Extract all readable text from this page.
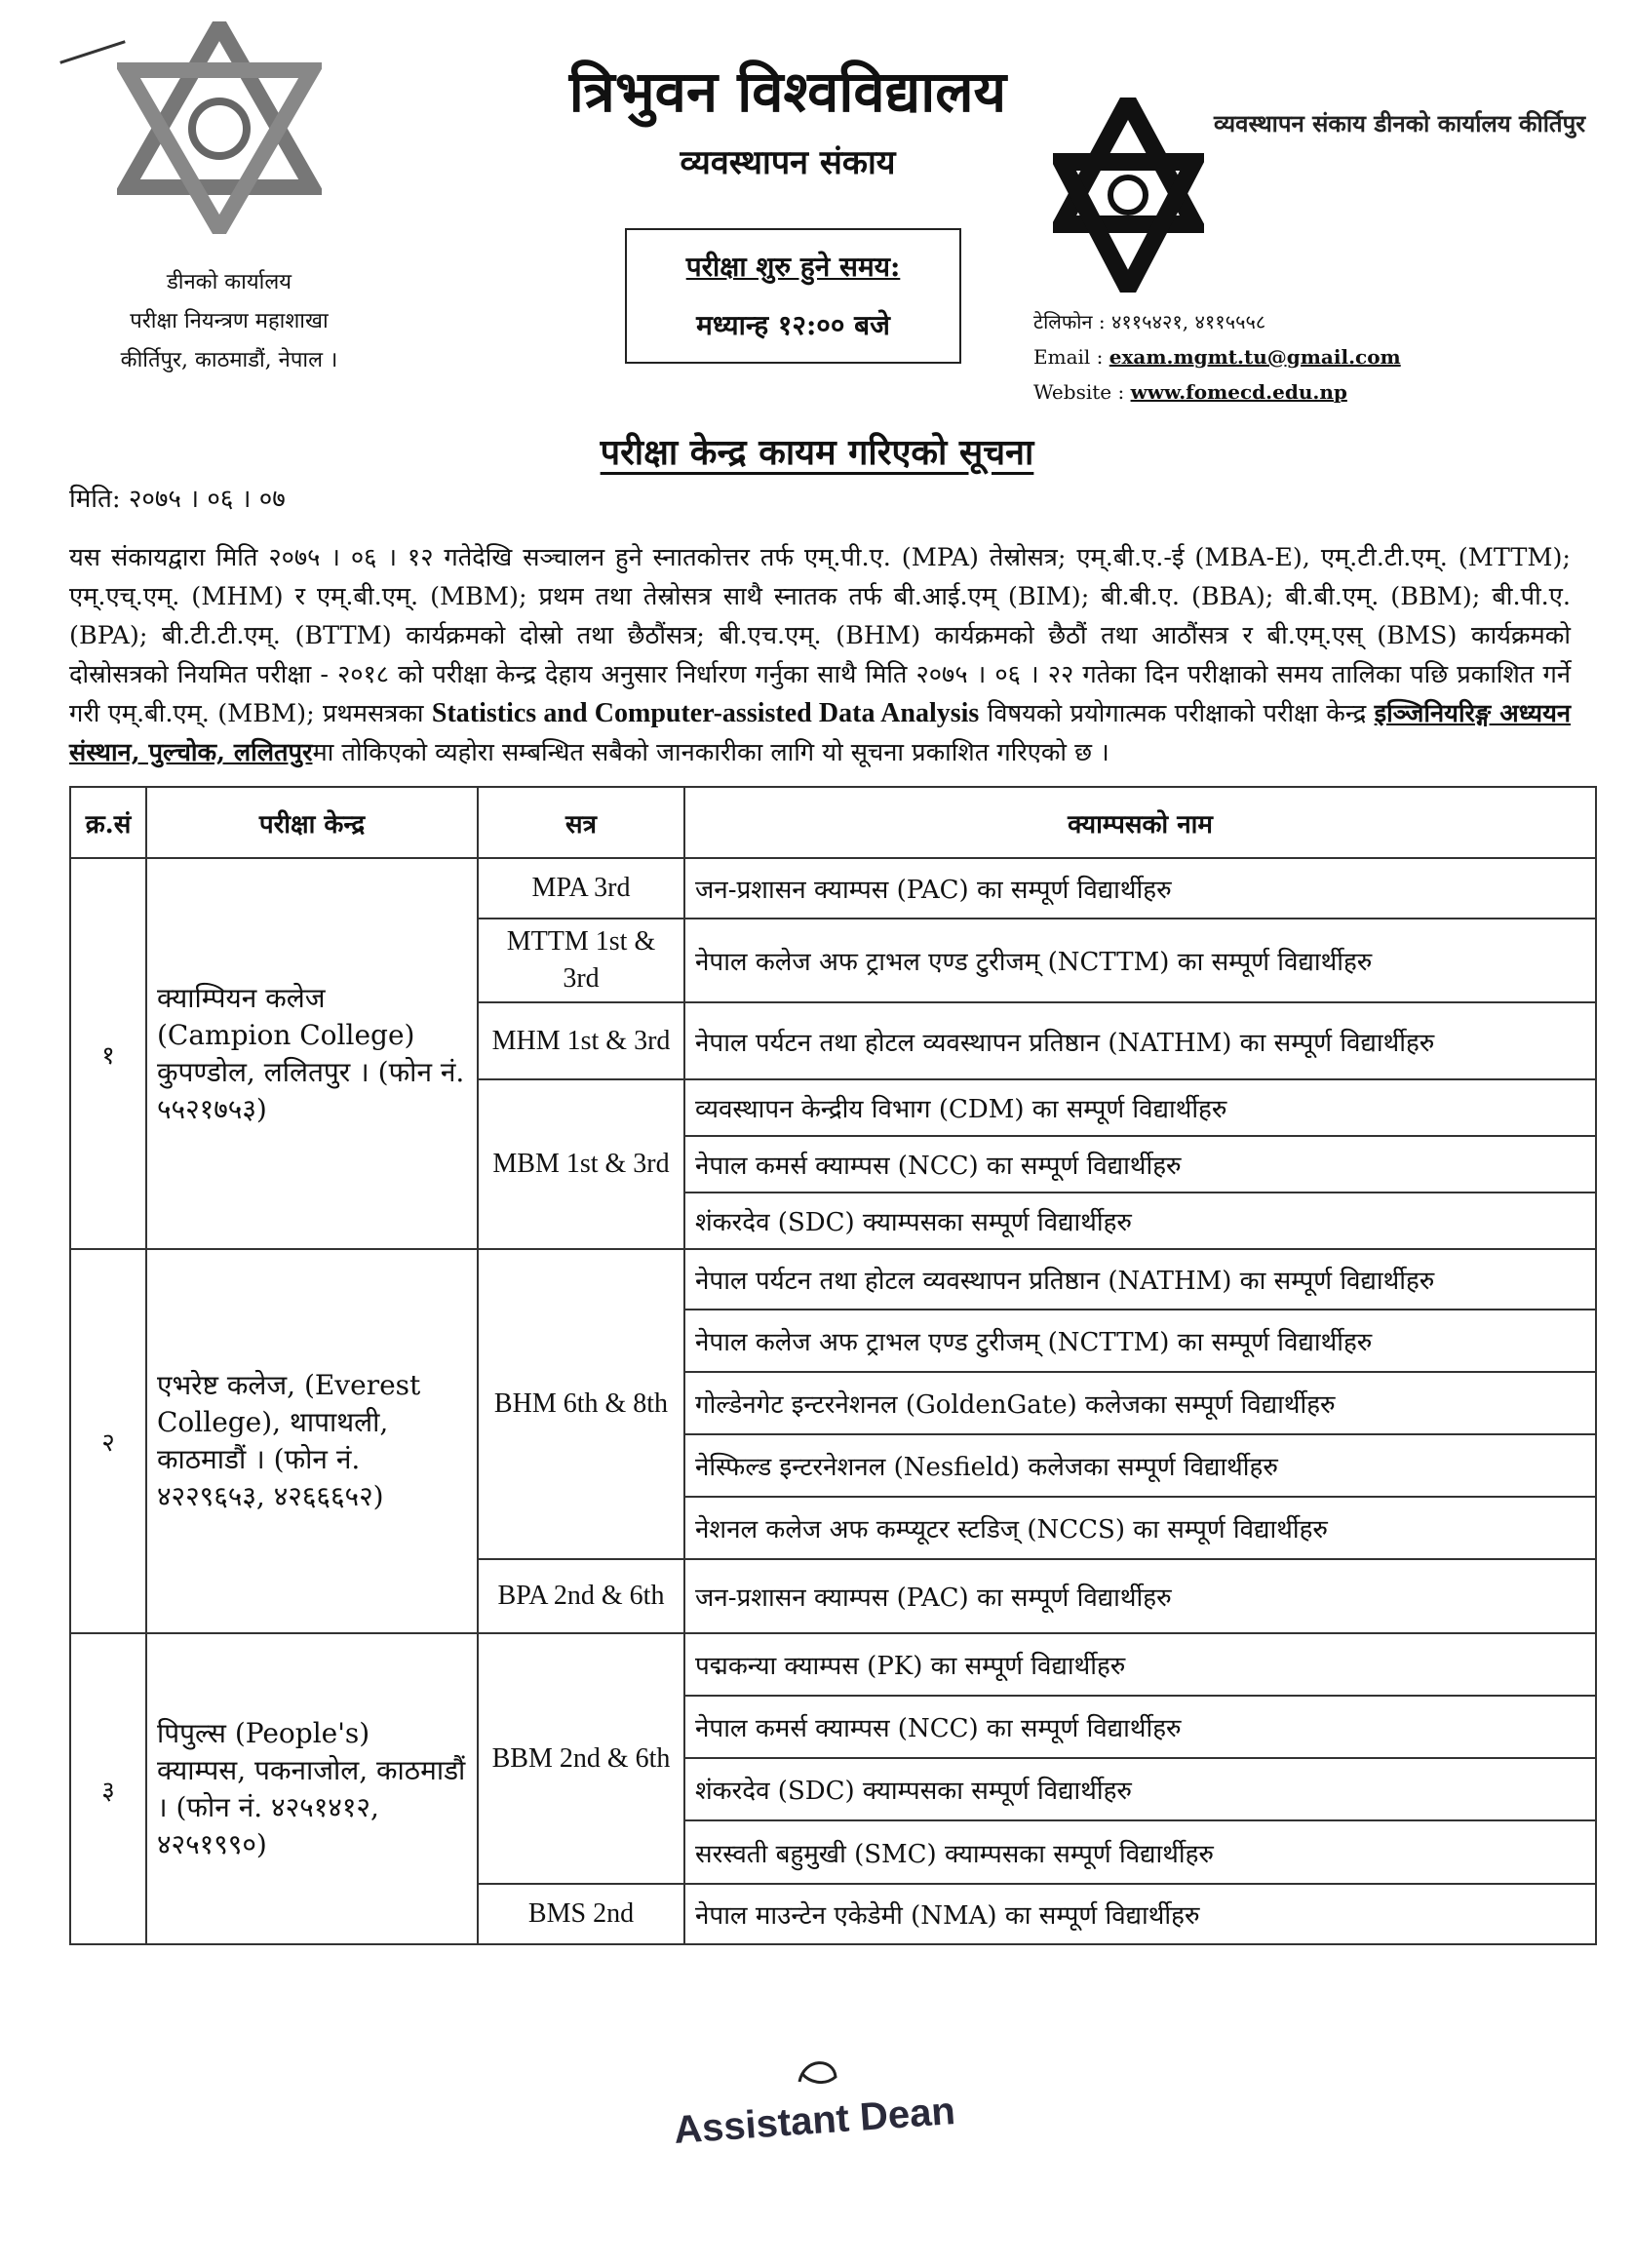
त्रिभुवन विश्वविद्यालय
व्यवस्थापन संकाय
परीक्षा शुरु हुने समय:
मध्यान्ह १२:०० बजे
डीनको कार्यालय
परीक्षा नियन्त्रण महाशाखा
कीर्तिपुर, काठमाडौं, नेपाल ।
व्यवस्थापन संकाय डीनको कार्यालय कीर्तिपुर
टेलिफोन : ४११५४२१, ४११५५५८
Email : exam.mgmt.tu@gmail.com
Website : www.fomecd.edu.np
परीक्षा केन्द्र कायम गरिएको सूचना
मिति: २०७५ । ०६ । ०७
यस संकायद्वारा मिति २०७५ । ०६ । १२ गतेदेखि सञ्चालन हुने स्नातकोत्तर तर्फ एम्.पी.ए. (MPA) तेस्रोसत्र; एम्.बी.ए.-ई (MBA-E), एम्.टी.टी.एम्. (MTTM); एम्.एच्.एम्. (MHM) र एम्.बी.एम्. (MBM); प्रथम तथा तेस्रोसत्र साथै स्नातक तर्फ बी.आई.एम् (BIM); बी.बी.ए. (BBA); बी.बी.एम्. (BBM); बी.पी.ए. (BPA); बी.टी.टी.एम्. (BTTM) कार्यक्रमको दोस्रो तथा छैठौंसत्र; बी.एच.एम्. (BHM) कार्यक्रमको छैठौं तथा आठौंसत्र र बी.एम्.एस् (BMS) कार्यक्रमको दोस्रोसत्रको नियमित परीक्षा - २०१८ को परीक्षा केन्द्र देहाय अनुसार निर्धारण गर्नुका साथै मिति २०७५ । ०६ । २२ गतेका दिन परीक्षाको समय तालिका पछि प्रकाशित गर्ने गरी एम्.बी.एम्. (MBM); प्रथमसत्रका Statistics and Computer-assisted Data Analysis विषयको प्रयोगात्मक परीक्षाको परीक्षा केन्द्र इञ्जिनियरिङ्ग अध्ययन संस्थान, पुल्चोक, ललितपुरमा तोकिएको व्यहोरा सम्बन्धित सबैको जानकारीका लागि यो सूचना प्रकाशित गरिएको छ ।
क्र.सं	परीक्षा केन्द्र	सत्र	क्याम्पसको नाम
१	क्याम्पियन कलेज (Campion College) कुपण्डोल, ललितपुर । (फोन नं. ५५२१७५३)	MPA 3rd	जन-प्रशासन क्याम्पस (PAC) का सम्पूर्ण विद्यार्थीहरु
		MTTM 1st & 3rd	नेपाल कलेज अफ ट्राभल एण्ड टुरीजम् (NCTTM) का सम्पूर्ण विद्यार्थीहरु
		MHM 1st & 3rd	नेपाल पर्यटन तथा होटल व्यवस्थापन प्रतिष्ठान (NATHM) का सम्पूर्ण विद्यार्थीहरु
		MBM 1st & 3rd	व्यवस्थापन केन्द्रीय विभाग (CDM) का सम्पूर्ण विद्यार्थीहरु
			नेपाल कमर्स क्याम्पस (NCC) का सम्पूर्ण विद्यार्थीहरु
			शंकरदेव (SDC) क्याम्पसका सम्पूर्ण विद्यार्थीहरु
२	एभरेष्ट कलेज, (Everest College), थापाथली, काठमाडौं । (फोन नं. ४२२९६५३, ४२६६६५२)	BHM 6th & 8th	नेपाल पर्यटन तथा होटल व्यवस्थापन प्रतिष्ठान (NATHM) का सम्पूर्ण विद्यार्थीहरु
			नेपाल कलेज अफ ट्राभल एण्ड टुरीजम् (NCTTM) का सम्पूर्ण विद्यार्थीहरु
			गोल्डेनगेट इन्टरनेशनल (GoldenGate) कलेजका सम्पूर्ण विद्यार्थीहरु
			नेस्फिल्ड इन्टरनेशनल (Nesfield) कलेजका सम्पूर्ण विद्यार्थीहरु
			नेशनल कलेज अफ कम्प्यूटर स्टडिज् (NCCS) का सम्पूर्ण विद्यार्थीहरु
		BPA 2nd & 6th	जन-प्रशासन क्याम्पस (PAC) का सम्पूर्ण विद्यार्थीहरु
३	पिपुल्स (People's) क्याम्पस, पकनाजोल, काठमाडौं । (फोन नं. ४२५१४१२, ४२५१९९०)	BBM 2nd & 6th	पद्मकन्या क्याम्पस (PK) का सम्पूर्ण विद्यार्थीहरु
			नेपाल कमर्स क्याम्पस (NCC) का सम्पूर्ण विद्यार्थीहरु
			शंकरदेव (SDC) क्याम्पसका सम्पूर्ण विद्यार्थीहरु
			सरस्वती बहुमुखी (SMC) क्याम्पसका सम्पूर्ण विद्यार्थीहरु
		BMS 2nd	नेपाल माउन्टेन एकेडेमी (NMA) का सम्पूर्ण विद्यार्थीहरु
Assistant Dean
